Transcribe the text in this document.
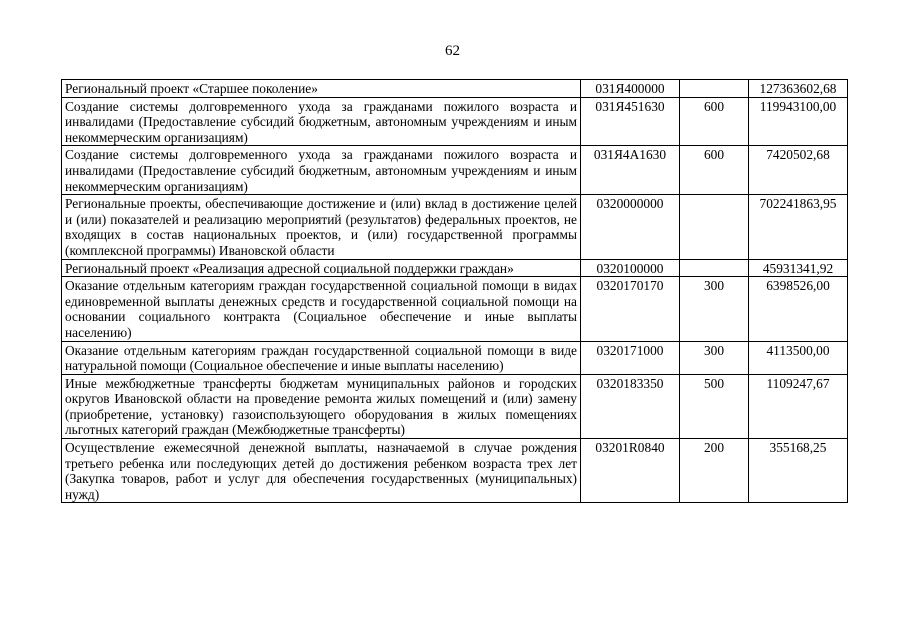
62
Региональный проект «Старшее поколение»	031Я400000		127363602,68
Создание системы долговременного ухода за гражданами пожилого возраста и инвалидами (Предоставление субсидий бюджетным, автономным учреждениям и иным некоммерческим организациям)	031Я451630	600	119943100,00
Создание системы долговременного ухода за гражданами пожилого возраста и инвалидами (Предоставление субсидий бюджетным, автономным учреждениям и иным некоммерческим организациям)	031Я4А1630	600	7420502,68
Региональные проекты, обеспечивающие достижение и (или) вклад в достижение целей и (или) показателей и реализацию мероприятий (результатов) федеральных проектов, не входящих в состав национальных проектов, и (или) государственной программы (комплексной программы) Ивановской области	0320000000		702241863,95
Региональный проект «Реализация адресной социальной поддержки граждан»	0320100000		45931341,92
Оказание отдельным категориям граждан государственной социальной помощи в видах единовременной выплаты денежных средств и государственной социальной помощи на основании социального контракта (Социальное обеспечение и иные выплаты населению)	0320170170	300	6398526,00
Оказание отдельным категориям граждан государственной социальной помощи в виде натуральной помощи (Социальное обеспечение и иные выплаты населению)	0320171000	300	4113500,00
Иные межбюджетные трансферты бюджетам муниципальных районов и городских округов Ивановской области на проведение ремонта жилых помещений и (или) замену (приобретение, установку) газоиспользующего оборудования в жилых помещениях льготных категорий граждан (Межбюджетные трансферты)	0320183350	500	1109247,67
Осуществление ежемесячной денежной выплаты, назначаемой в случае рождения третьего ребенка или последующих детей до достижения ребенком возраста трех лет (Закупка товаров, работ и услуг для обеспечения государственных (муниципальных) нужд)	03201R0840	200	355168,25
